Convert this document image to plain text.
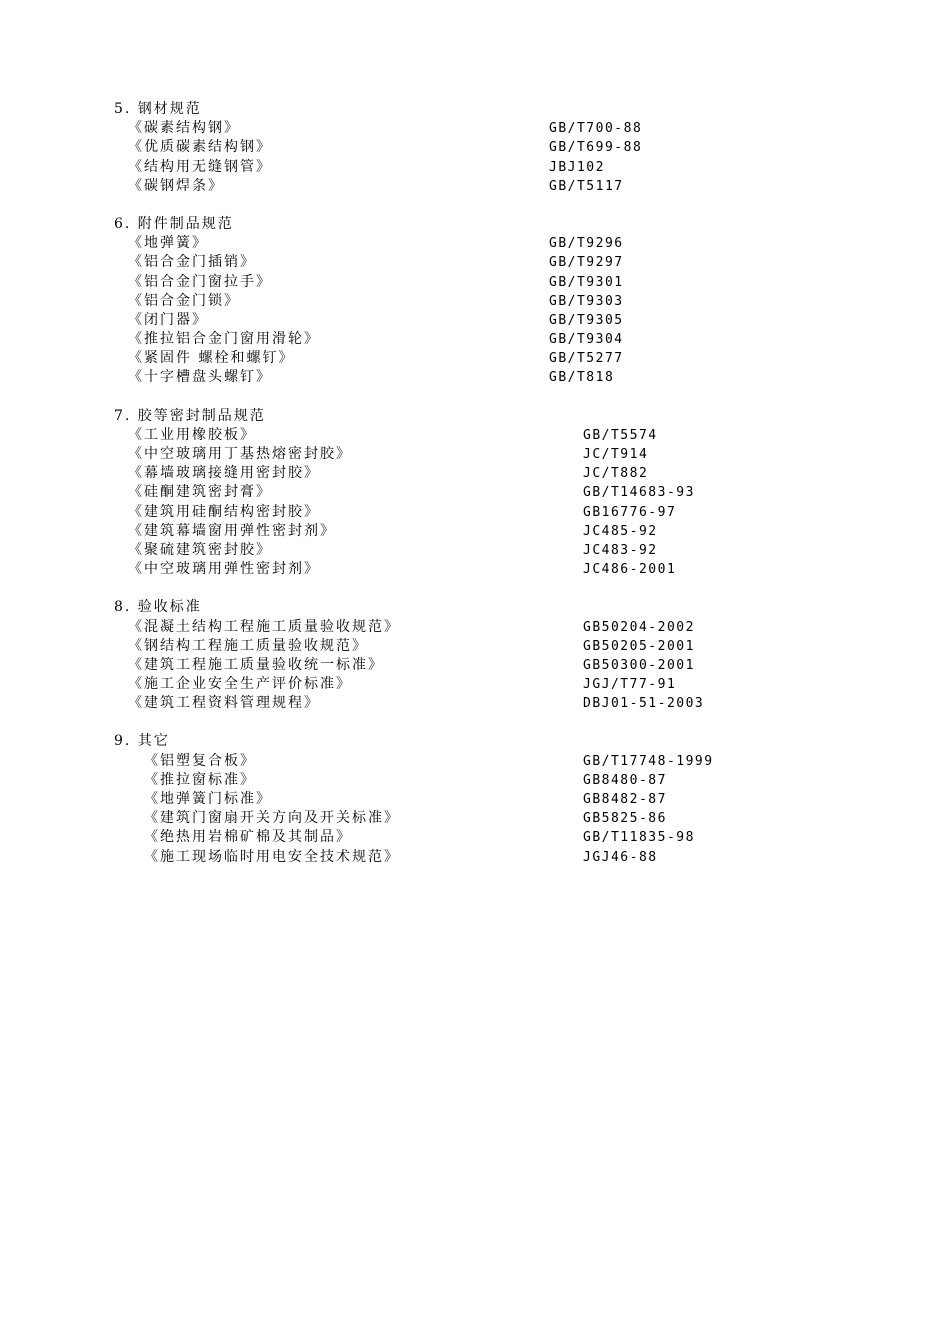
5. 钢材规范
《碳素结构钢》	GB/T700-88
《优质碳素结构钢》	GB/T699-88
《结构用无缝钢管》	JBJ102
《碳钢焊条》	GB/T5117
6. 附件制品规范
《地弹簧》	GB/T9296
《铝合金门插销》	GB/T9297
《铝合金门窗拉手》	GB/T9301
《铝合金门锁》	GB/T9303
《闭门器》	GB/T9305
《推拉铝合金门窗用滑轮》	GB/T9304
《紧固件 螺栓和螺钉》	GB/T5277
《十字槽盘头螺钉》	GB/T818
7. 胶等密封制品规范
《工业用橡胶板》	GB/T5574
《中空玻璃用丁基热熔密封胶》	JC/T914
《幕墙玻璃接缝用密封胶》	JC/T882
《硅酮建筑密封膏》	GB/T14683-93
《建筑用硅酮结构密封胶》	GB16776-97
《建筑幕墙窗用弹性密封剂》	JC485-92
《聚硫建筑密封胶》	JC483-92
《中空玻璃用弹性密封剂》	JC486-2001
8. 验收标准
《混凝土结构工程施工质量验收规范》	GB50204-2002
《钢结构工程施工质量验收规范》	GB50205-2001
《建筑工程施工质量验收统一标准》	GB50300-2001
《施工企业安全生产评价标准》	JGJ/T77-91
《建筑工程资料管理规程》	DBJ01-51-2003
9. 其它
《铝塑复合板》	GB/T17748-1999
《推拉窗标准》	GB8480-87
《地弹簧门标准》	GB8482-87
《建筑门窗扇开关方向及开关标准》	GB5825-86
《绝热用岩棉矿棉及其制品》	GB/T11835-98
《施工现场临时用电安全技术规范》	JGJ46-88
